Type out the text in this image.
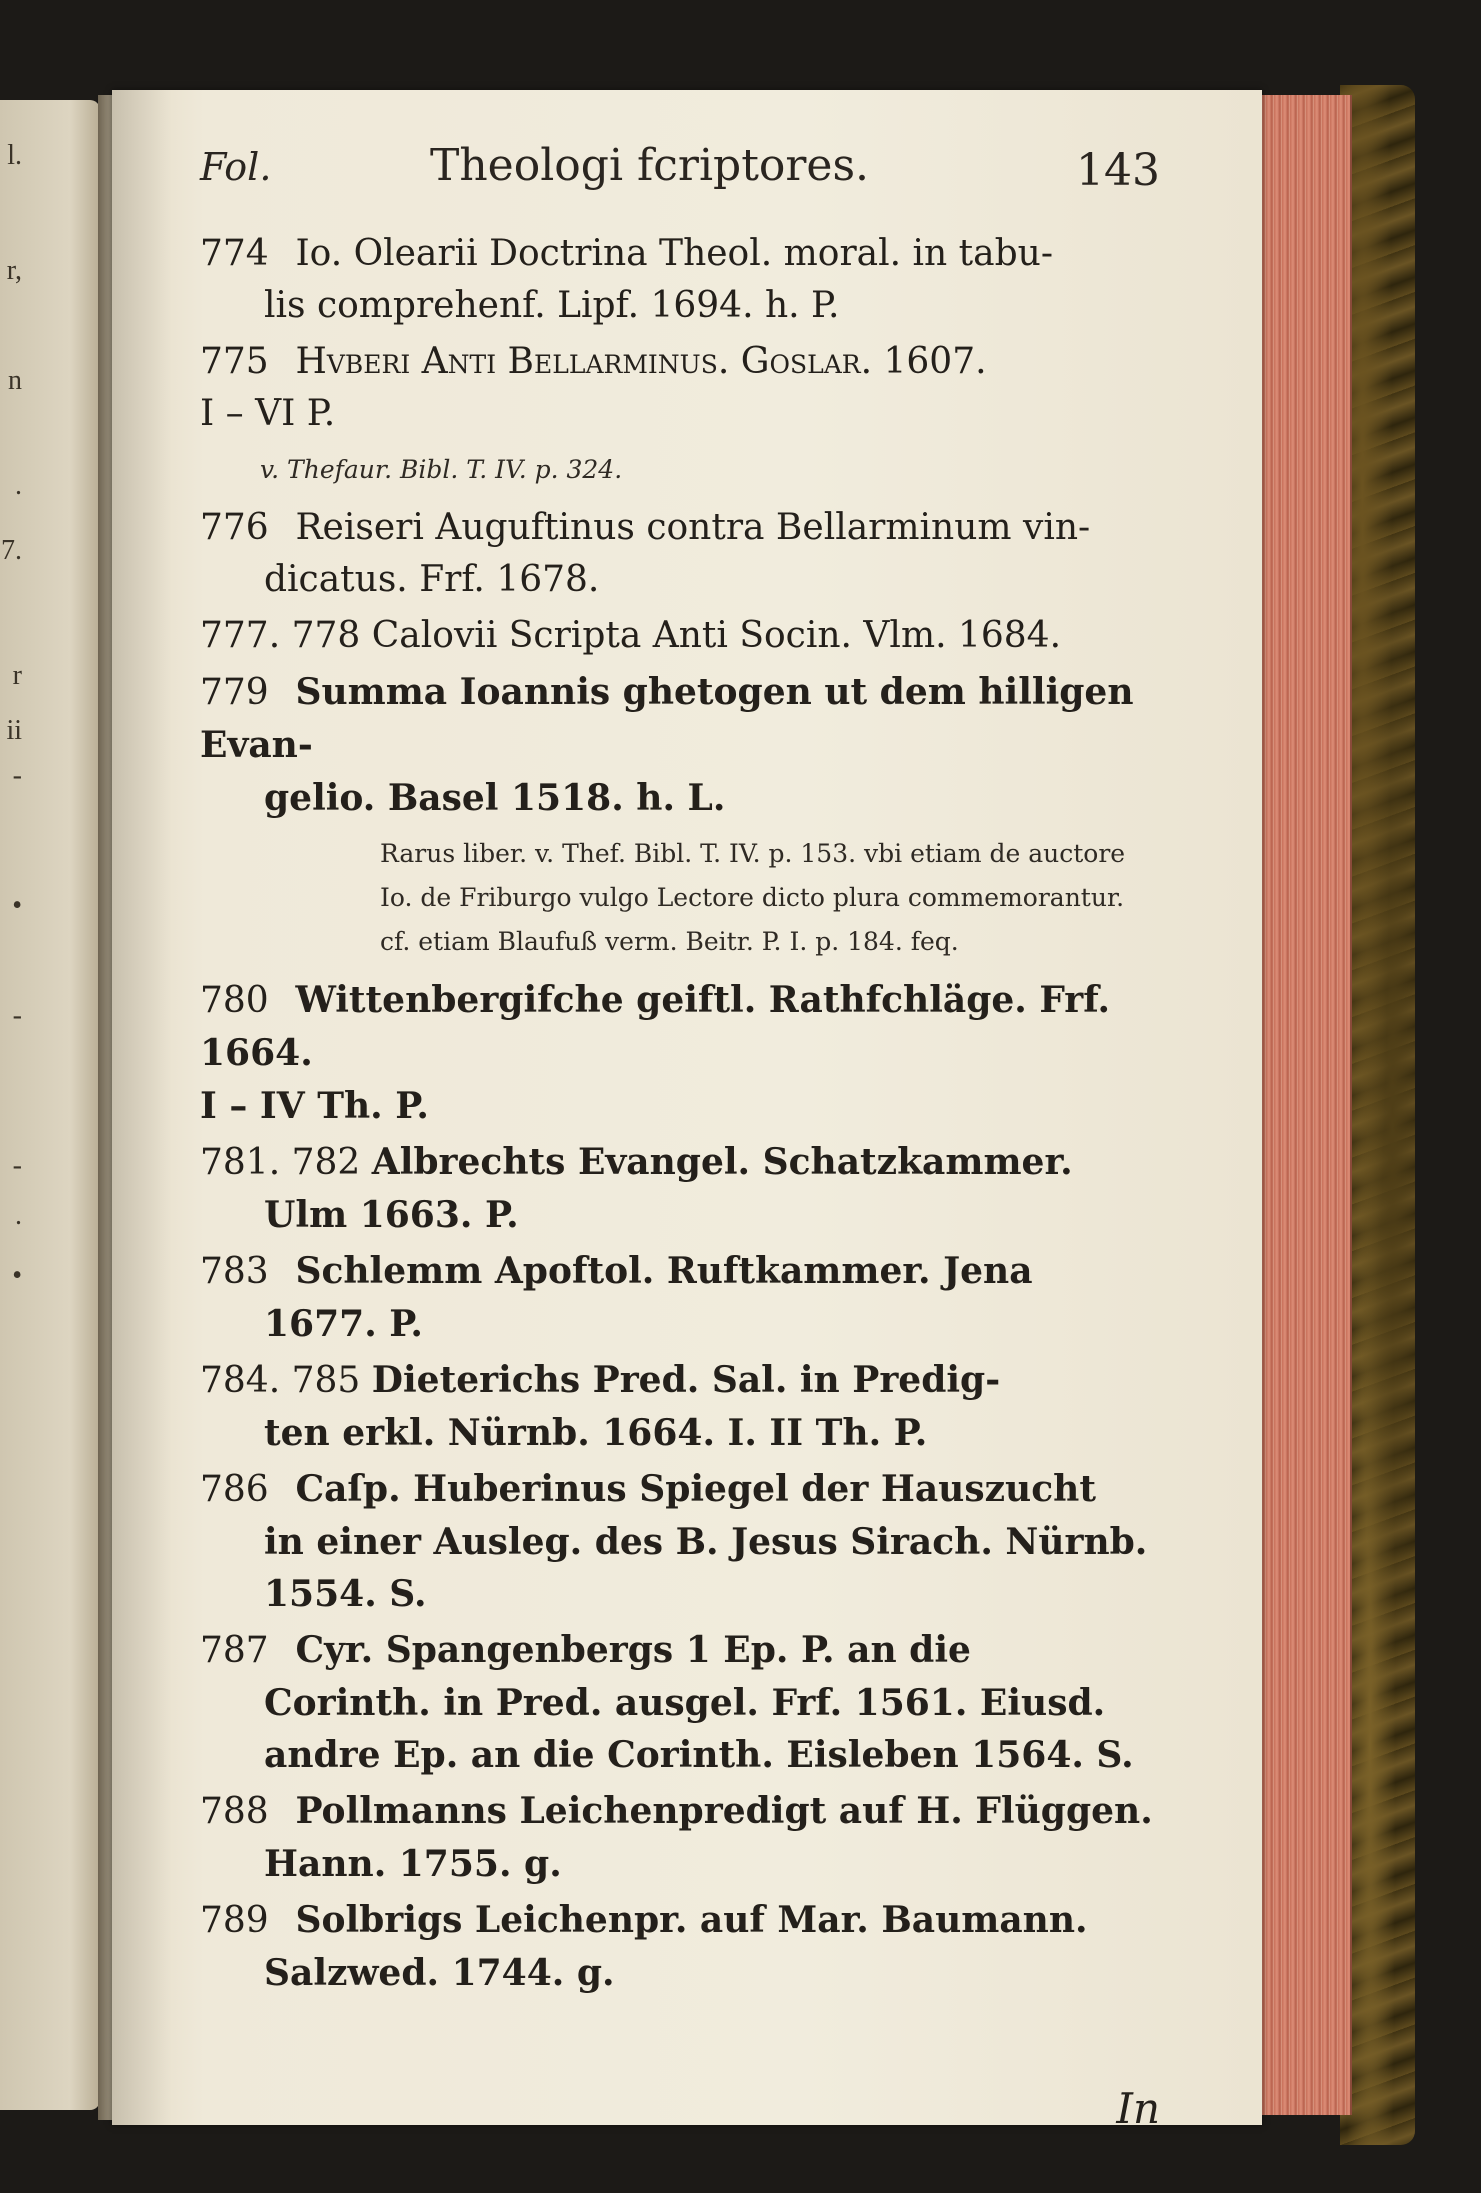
l.
r,
n
.
7.
r
ii
-
•
-
-
.
•
Fol.	Theologi fcriptores.	143
774 Io. Olearii Doctrina Theol. moral. in tabu-
lis comprehenf. Lipf. 1694. h. P.
775 Hvberi Anti Bellarminus. Goslar. 1607.
I – VI P.
v. Thefaur. Bibl. T. IV. p. 324.
776 Reiseri Auguftinus contra Bellarminum vin-
dicatus. Frf. 1678.
777. 778 Calovii Scripta Anti Socin. Vlm. 1684.
779 Summa Ioannis ghetogen ut dem hilligen Evan-
gelio. Basel 1518. h. L.
Rarus liber. v. Thef. Bibl. T. IV. p. 153. vbi etiam de auctore Io. de Friburgo vulgo Lectore dicto plura commemorantur. cf. etiam Blaufuß verm. Beitr. P. I. p. 184. feq.
780 Wittenbergifche geiftl. Rathfchläge. Frf. 1664.
I – IV Th. P.
781. 782 Albrechts Evangel. Schatzkammer.
Ulm 1663. P.
783 Schlemm Apoftol. Ruftkammer. Jena
1677. P.
784. 785 Dieterichs Pred. Sal. in Predig-
ten erkl. Nürnb. 1664. I. II Th. P.
786 Caſp. Huberinus Spiegel der Hauszucht
in einer Ausleg. des B. Jesus Sirach. Nürnb.
1554. S.
787 Cyr. Spangenbergs 1 Ep. P. an die
Corinth. in Pred. ausgel. Frf. 1561. Eiusd.
andre Ep. an die Corinth. Eisleben 1564. S.
788 Pollmanns Leichenpredigt auf H. Flüggen.
Hann. 1755. g.
789 Solbrigs Leichenpr. auf Mar. Baumann.
Salzwed. 1744. g.
In
